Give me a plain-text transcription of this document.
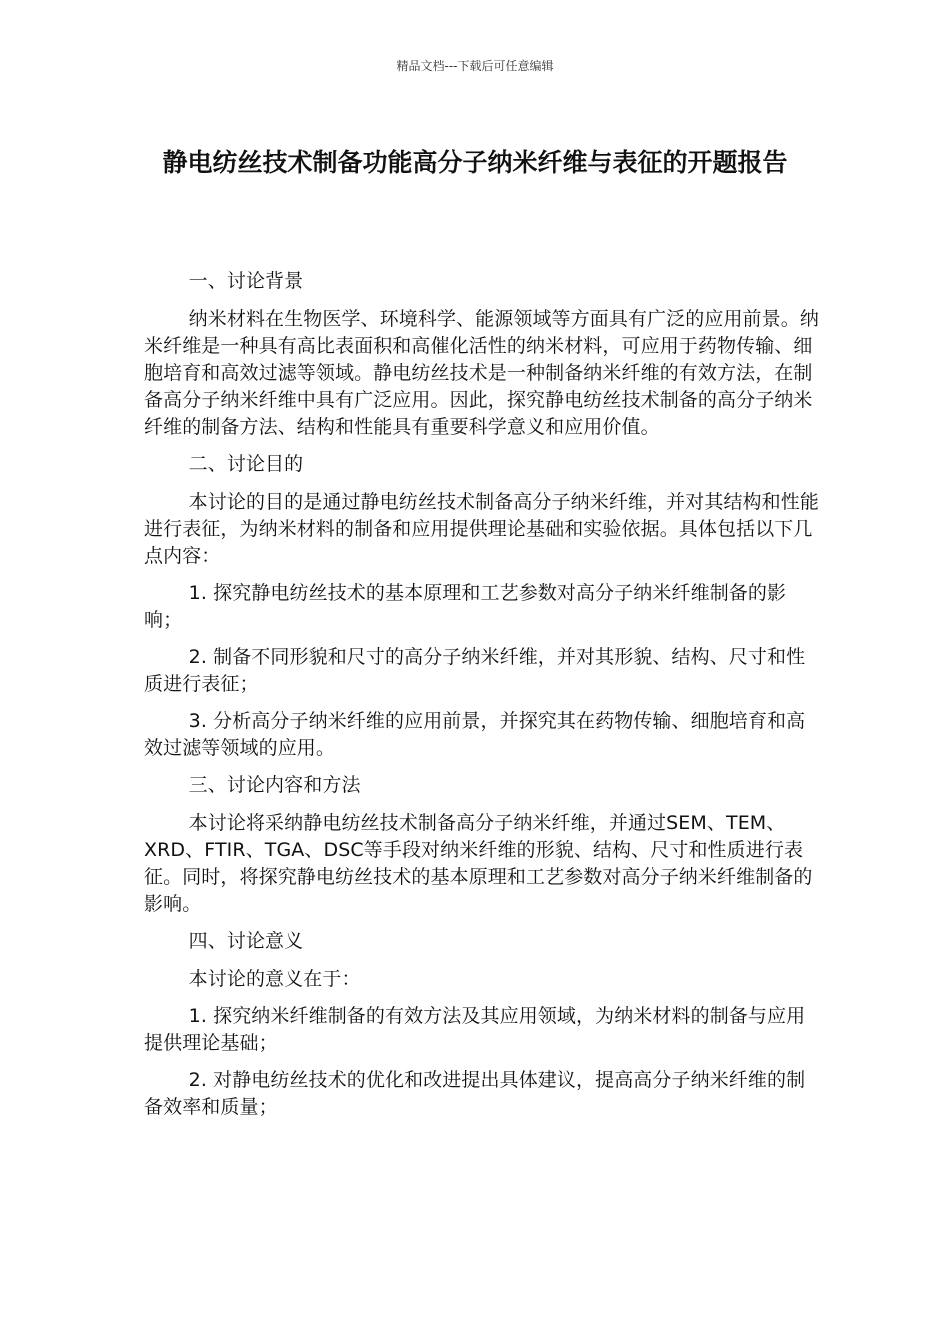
精品文档---下载后可任意编辑
静电纺丝技术制备功能高分子纳米纤维与表征的开题报告

一、讨论背景

纳米材料在生物医学、环境科学、能源领域等方面具有广泛的应用前景。纳米纤维是一种具有高比表面积和高催化活性的纳米材料，可应用于药物传输、细胞培育和高效过滤等领域。静电纺丝技术是一种制备纳米纤维的有效方法，在制备高分子纳米纤维中具有广泛应用。因此，探究静电纺丝技术制备的高分子纳米纤维的制备方法、结构和性能具有重要科学意义和应用价值。

二、讨论目的

本讨论的目的是通过静电纺丝技术制备高分子纳米纤维，并对其结构和性能进行表征，为纳米材料的制备和应用提供理论基础和实验依据。具体包括以下几点内容：

1. 探究静电纺丝技术的基本原理和工艺参数对高分子纳米纤维制备的影响；

2. 制备不同形貌和尺寸的高分子纳米纤维，并对其形貌、结构、尺寸和性质进行表征；

3. 分析高分子纳米纤维的应用前景，并探究其在药物传输、细胞培育和高效过滤等领域的应用。

三、讨论内容和方法

本讨论将采纳静电纺丝技术制备高分子纳米纤维，并通过SEM、TEM、XRD、FTIR、TGA、DSC等手段对纳米纤维的形貌、结构、尺寸和性质进行表征。同时，将探究静电纺丝技术的基本原理和工艺参数对高分子纳米纤维制备的影响。

四、讨论意义

本讨论的意义在于：

1. 探究纳米纤维制备的有效方法及其应用领域，为纳米材料的制备与应用提供理论基础；

2. 对静电纺丝技术的优化和改进提出具体建议，提高高分子纳米纤维的制备效率和质量；
